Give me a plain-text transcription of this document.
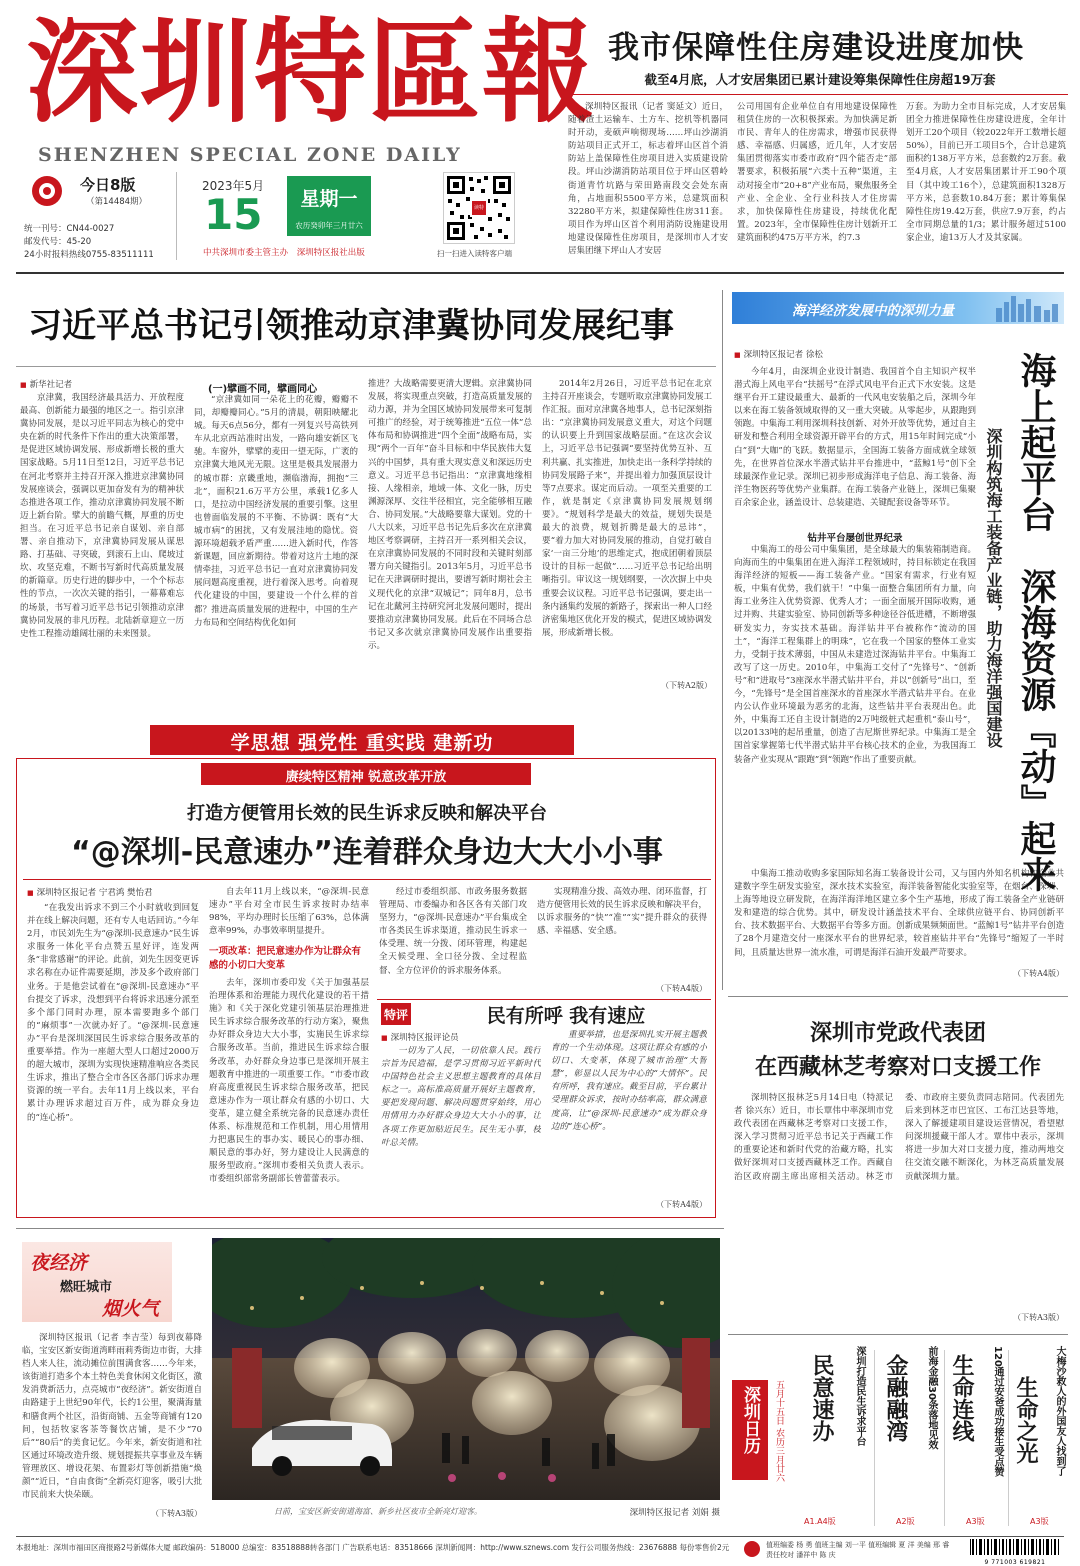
深圳特區報
SHENZHEN SPECIAL ZONE DAILY
今日8版
（第14484期）
统一刊号：CN44-0027
邮发代号：45-20
24小时报料热线0755-83511111
2023年5月
15	星期一
农历癸卯年三月廿六
中共深圳市委主管主办 深圳特区报社出版
读特
扫一扫进入读特客户端
我市保障性住房建设进度加快
截至4月底，人才安居集团已累计建设筹集保障性住房超19万套
深圳特区报讯（记者 窦延文）近日，随着渣土运输车、土方车、挖机等机器同时开动，麦硕声响彻现场……坪山沙湖消防站项目正式开工，标志着坪山区首个消防站上盖保障性住房项目进入实质建设阶段。坪山沙湖消防站项目位于坪山区碧岭街道青竹坑路与荣田路南段交会处东南角，占地面积5500平方米，总建筑面积32280平方米，拟建保障性住房311套。项目作为坪山区首个利用消防设施建设用地建设保障性住房项目，是深圳市人才安居集团继下坪山人才安居
公司用国有企业单位自有用地建设保障性租赁住房的一次积极探索。为加快满足新市民、青年人的住房需求，增强市民获得感、幸福感、归属感，近几年，人才安居集团贯彻落实市委市政府“四个能否走”部署要求，积极拓展“六类十五种”渠道，主动对接全市“20+8”产业布局，聚焦服务全产业、全企业、全行业科技人才住房需求，加快保障性住房建设，持续优化配置。2023年，全市保障性住房计划新开工建筑面积约475万平方米，约7.3
万套。为助力全市目标完成，人才安居集团全力推进保障性住房建设进度，全年计划开工20个项目（较2022年开工数增长超50%），目前已开工项目5个，合计总建筑面积约138万平方米，总套数约2万套。截至4月底，人才安居集团累计开工90个项目（其中竣工16个），总建筑面积1328万平方米，总套数10.84万套；累计筹集保障性住房19.42万套，供应7.9万套，约占全市同期总量的1/3；累计服务超过5100家企业，逾13万人才及其家属。
习近平总书记引领推动京津冀协同发展纪事
■ 新华社记者
京津冀，我国经济最具活力、开放程度最高、创新能力最强的地区之一。指引京津冀协同发展，是以习近平同志为核心的党中央在新的时代条件下作出的重大决策部署，是促进区域协调发展、形成新增长极的重大国家战略。5月11日至12日，习近平总书记在河北考察并主持召开深入推进京津冀协同发展座谈会，强调以更加奋发有为的精神状态推进各项工作，推动京津冀协同发展不断迈上新台阶。擘大的前瞻气概，厚重的历史担当。在习近平总书记亲自谋划、亲自部署、亲自推动下，京津冀协同发展从谋思路、打基础、寻突破，到滚石上山、爬坡过坎、攻坚克难，不断书写新时代高质量发展的新篇章。历史行进的脚步中，一个个标志性的节点，一次次关键的指引，一幕幕难忘的场景，书写着习近平总书记引领推动京津冀协同发展的非凡历程。北陆新章迎立一历史性工程推动雄阔壮丽的未来图景。
(一)擘画不同，擘画同心
“京津冀如同一朵花上的花瓣，瓣瓣不同，却瓣瓣同心。”5月的清晨，朝阳映耀北城。每天6点56分，都有一列复兴号高铁列车从北京西站准时出发，一路向雄安新区飞驰。车窗外，擘擘的麦田一望无际，广袤的京津冀大地风光无限。这里是极具发展潜力的城市群：京畿重地，濒临渤海，拥抱“三北”，面积21.6万平方公里，承载1亿多人口，是拉动中国经济发展的重要引擎。这里也曾面临发展的不平衡、不协调：既有“大城市病”的困扰，又有发展洼地的隐忧。资源环境超载矛盾严重……进入新时代，作答新课题，回应新期待。带着对这片土地的深情牵挂，习近平总书记一直对京津冀协同发展问题高度重视，进行着深入思考。向着现代化建设的中国，要建设一个什么样的首都？推进高质量发展的进程中，中国的生产力布局和空间结构优化如何
推进？大战略需要更清大逻辑。京津冀协同发展，将实现重点突破，打造高质量发展的动力源，并为全国区域协同发展带来可复制可推广的经验，对于统筹推进“五位一体”总体布局和协调推进“四个全面”战略布局，实现“两个一百年”奋斗目标和中华民族伟大复兴的中国梦，具有重大现实意义和深远历史意义。习近平总书记指出：“京津冀地缘相接、人缘相亲，地域一体、文化一脉，历史渊源深厚、交往半径相宜，完全能够相互融合、协同发展。”大战略要靠大谋划。党的十八大以来，习近平总书记先后多次在京津冀地区考察调研，主持召开一系列相关会议，在京津冀协同发展的不同时段和关键时刻部署方向关键指引。2013年5月，习近平总书记在天津调研时提出，要谱写新时期社会主义现代化的京津“双城记”；同年8月，总书记在北戴河主持研究河北发展问题时，提出要推动京津冀协同发展。此后在不同场合总书记又多次就京津冀协同发展作出重要指示。
2014年2月26日，习近平总书记在北京主持召开座谈会，专题听取京津冀协同发展工作汇报。面对京津冀各地事人，总书记深刻指出：“京津冀协同发展意义重大，对这个问题的认识要上升到国家战略层面。”在这次会议上，习近平总书记强调“要坚持优势互补、互利共赢、扎实推进，加快走出一条科学持续的协同发展路子来”，并提出着力加强顶层设计等7点要求。谋定而后动。一项至关重要的工作，就是制定《京津冀协同发展规划纲要》。“规划科学是最大的效益，规划失误是最大的浪费，规划折腾是最大的忌讳”，要“着力加大对协同发展的推动，自觉打破自家‘一亩三分地’的思维定式，抱成团朝着顶层设计的目标一起做”……习近平总书记给出明晰指引。审议这一规划纲要，一次次摒上中央重要会议议程。习近平总书记强调，要走出一条内涵集约发展的新路子，探索出一种人口经济密集地区优化开发的模式，促进区域协调发展，形成新增长极。
（下转A2版）
海洋经济发展中的深圳力量
■ 深圳特区报记者 徐松
今年4月，由深圳企业设计制造、我国首个自主知识产权半潜式海上风电平台“扶摇号”在浮式风电平台正式下水安装。这是继平台开工建设最重大、最新的一代风电安装船之后，深圳今年以来在海工装备领域取得的又一重大突破。从零起步，从跟跑到领跑。中集海工利用深圳科技创新、对外开放等优势，通过自主研发和整合利用全球资源开辟平台的方式，用15年时间完成“小白”到“大咖”的飞跃。数据显示，全国海工装备方面成就全球领先，在世界首位深水半潜式钻井平台推进中，“蓝鲸1号”创下全球最深作业记录。深圳已初步形成海洋电子信息、海工装备、海洋生物医药等优势产业集群。在海工装备产业链上，深圳已集聚百余家企业，涵盖设计、总装建造、关键配套设备等环节。
钻井平台屡创世界纪录
中集海工的母公司中集集团，是全球最大的集装箱制造商。向海而生的中集集团在进入海洋工程领域时，持目标锁定在我国海洋经济的短板——海工装备产业。“国家有需求，行业有短板，中集有优势，我们就干！”中集一面整合集团所有力量，向海工业务注入优势资源、优秀人才；一面全面展开国际收购，通过并购、共建实验室、协同创新等多种途径谷低进槽，不断增强研发实力，夯实技术基础。海洋钻井平台被称作“流动的国土”，“海洋工程集群上的明珠”，它在我一个国家的整体工业实力，受制于技术薄弱，中国从未建造过深海钻井平台。中集海工改写了这一历史。2010年，中集海工交付了“先锋号”、“创新号”和“进取号”3座深水半潜式钻井平台，并以“创新号”出口，至今，“先锋号”是全国首座深水的首座深水半潜式钻井平台。在业内公认作业环境最为恶劣的北海，这些钻井平台表现出色。此外，中集海工还自主设计制造的2万吨级桩式起重机“泰山号”，以20133吨的起吊重量，创造了吉尼斯世界纪录。中集海工是全国首家掌握第七代半潜式钻井平台核心技术的企业，为我国海工装备产业实现从“跟跑”到“领跑”作出了重要贡献。
中集海工推动收购多家国际知名海工装备设计公司，又与国内外知名机构和企业共建数字孪生研发实验室，深水技术实验室，海洋装备智能化实验室等，在烟台、深圳、上海等地设立研发院，在海洋海洋地区建立多个生产基地，形成了海工装备全产业链研发和建造的综合优势。其中，研发设计涵盖技术平台、全球供应链平台、协同创新平台、技术数据平台、大数据平台等多方面。创新成果频频面世。“蓝鲸1号”钻井平台创造了28个月建造交付一座深水平台的世界纪录，较首座钻井平台“先锋号”缩短了一半时间，且质量达世界一流水准，可谓是海洋石油开发最严苛要求。
（下转A4版）
海上起平台
深海资源『动』起来
深圳构筑海工装备产业链，助力海洋强国建设
学思想 强党性 重实践 建新功
赓续特区精神 锐意改革开放
打造方便管用长效的民生诉求反映和解决平台
“@深圳-民意速办”连着群众身边大大小小事
■ 深圳特区报记者 宁君鸿 樊怡君
“在我发出诉求不到三个小时就收到回复并在线上解决问题，还有专人电话回访。”今年2月，市民刘先生为“@深圳-民意速办”民生诉求服务一体化平台点赞五星好评，连发两条“非常感谢”的评论。此前，刘先生因变更诉求名称在办证件需要延期，涉及多个政府部门业务。于是他尝试着在“@深圳-民意速办”平台提交了诉求，没想到平台将诉求迅速分派至多个部门同时办理，原本需要跑多个部门的“麻烦事”一次就办好了。“@深圳-民意速办”平台是深圳深国民生诉求综合服务改革的重要举措。作为一座超大型人口超过2000万的超大城市，深圳为实现快速精准响应各类民生诉求，推出了整合全市各区各部门诉求办理资源的统一平台。去年11月上线以来，平台累计办理诉求超过百万件，成为群众身边的“连心桥”。
自去年11月上线以来，“@深圳-民意速办”平台对全市民生诉求按时办结率98%，平均办理时长压缩了63%，总体满意率99%，办事效率明显提升。
一项改革：把民意速办作为让群众有感的小切口大变革
去年，深圳市委印发《关于加强基层治理体系和治理能力现代化建设的若干措施》和《关于深化党建引领基层治理推进民生诉求综合服务改革的行动方案》，聚焦办好群众身边大大小事，实施民生诉求综合服务改革。当前，推进民生诉求综合服务改革，办好群众身边事已是深圳开展主题教育中推进的一项重要工作。“市委市政府高度重视民生诉求综合服务改革，把民意速办作为一项让群众有感的小切口、大变革，建立健全系统完备的民意速办责任体系、标准规范和工作机制，用心用情用力把惠民生的事办实、暖民心的事办细、顺民意的事办好，努力建设让人民满意的服务型政府。”深圳市委相关负责人表示。市委组织部常务副部长曾蕾蕾表示。
经过市委组织部、市政务服务数据管理局、市委编办和各区各有关部门攻坚努力，“@深圳-民意速办”平台集成全市各类民生诉求渠道，推动民生诉求一体受理、统一分拨、闭环管理，构建起全天候受理、全口径分拨、全过程监督、全方位评价的诉求服务体系。
实现精准分拨、高效办理、闭环监督，打造方便管用长效的民生诉求反映和解决平台，以诉求服务的“快”“准”“实”提升群众的获得感、幸福感、安全感。
（下转A4版）
特评	民有所呼 我有速应
■ 深圳特区报评论员
一切为了人民，一切依靠人民。践行宗旨为民造福，是学习贯彻习近平新时代中国特色社会主义思想主题教育的具体目标之一。高标准高质量开展好主题教育，要把发现问题、解决问题贯穿始终，用心用情用力办好群众身边大大小小的事，让各项工作更加贴近民生。民生无小事，枝叶总关情。
重要举措，也是深圳扎实开展主题教育的一个生动体现。这项让群众有感的小切口、大变革，体现了城市治理“大智慧”，彰显以人民为中心的“大情怀”。民有所呼，我有速应。截至目前，平台累计受理群众诉求，按时办结率高，群众满意度高，让“@深圳-民意速办”成为群众身边的“连心桥”。
（下转A4版）
深圳市党政代表团
在西藏林芝考察对口支援工作
深圳特区报林芝5月14日电（特派记者 徐兴东）近日，市长覃伟中率深圳市党政代表团在西藏林芝考察对口支援工作，深入学习贯彻习近平总书记关于西藏工作的重要论述和新时代党的治藏方略，扎实做好深圳对口支援西藏林芝工作。西藏自治区政府副主席出席相关活动。林芝市委、市政府主要负责同志陪同。代表团先后来到林芝市巴宜区、工布江达县等地，深入了解援建项目建设运营情况，看望慰问深圳援藏干部人才。覃伟中表示，深圳将进一步加大对口支援力度，推动两地交往交流交融不断深化，为林芝高质量发展贡献深圳力量。
（下转A3版）
夜经济
燃旺城市
烟火气
深圳特区报讯（记者 李吉莹）每到夜幕降临，宝安区新安街道湾畔雨莉秀街边市街，大排档人来人往，流动摊位前围满食客……今年来，该街道打造多个本土特色美食休闲文化街区，激发消费新活力，点亮城市“夜经济”。新安街道自由路建于上世纪90年代，长约1公里，聚满海量和膳食两个社区，沿街商铺、五金等商铺有120间，包括牧家客茶等餐饮店铺，是不少“70后”“80后”的美食记忆。今年来，新安街道和社区通过环境改造升级、规划提振共享事业及车辆管理放区、增设花架、布置彩灯等创新措施“焕颜”“近日，“自由食街”全新亮灯迎客，吸引大批市民前来大快朵颐。
（下转A3版）	日前，宝安区新安街道海富、新乡社区夜市全新亮灯迎客。	深圳特区报记者 刘娟 摄
深圳日历 五月十五日 农历三月廿六	深圳打造民生诉求平台
民意速办
A1.A4版
前海金融30条落地见效
金融融湾
A2版
120通过安爸成功接生受点赞
生命连线
A3版
大梅沙救人的外国友人找到了
生命之光
A3版
本报地址：深圳市福田区商报路2号新媒体大厦 邮政编码：518000 总编室：83518888转各部门 广告联系电话：83518666 深圳新闻网：http://www.sznews.com 发行公司服务热线：23676888 每份零售价2元	值班编委 杨 勇 值班主编 刘一平 值班编辑 夏 洋 美编 邢 睿 责任校对 潘祥中 陈 庆
9 771003 619821
